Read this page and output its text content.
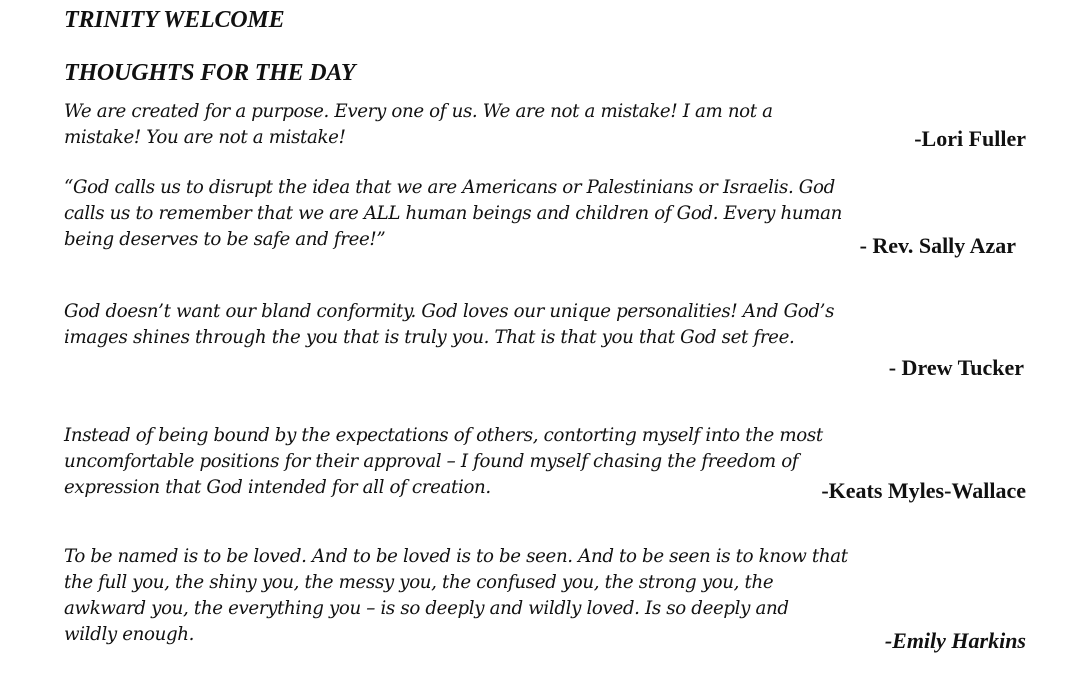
TRINITY WELCOME
THOUGHTS FOR THE DAY

We are created for a purpose. Every one of us. We are not a mistake! I am not a

mistake! You are not a mistake!	-Lori Fuller

“God calls us to disrupt the idea that we are Americans or Palestinians or Israelis. God

calls us to remember that we are ALL human beings and children of God. Every human

being deserves to be safe and free!”	- Rev. Sally Azar

God doesn’t want our bland conformity. God loves our unique personalities! And God’s

images shines through the you that is truly you. That is that you that God set free.

- Drew Tucker

Instead of being bound by the expectations of others, contorting myself into the most

uncomfortable positions for their approval – I found myself chasing the freedom of

expression that God intended for all of creation.	-Keats Myles-Wallace

To be named is to be loved. And to be loved is to be seen. And to be seen is to know that

the full you, the shiny you, the messy you, the confused you, the strong you, the

awkward you, the everything you – is so deeply and wildly loved. Is so deeply and

wildly enough.	-Emily Harkins
